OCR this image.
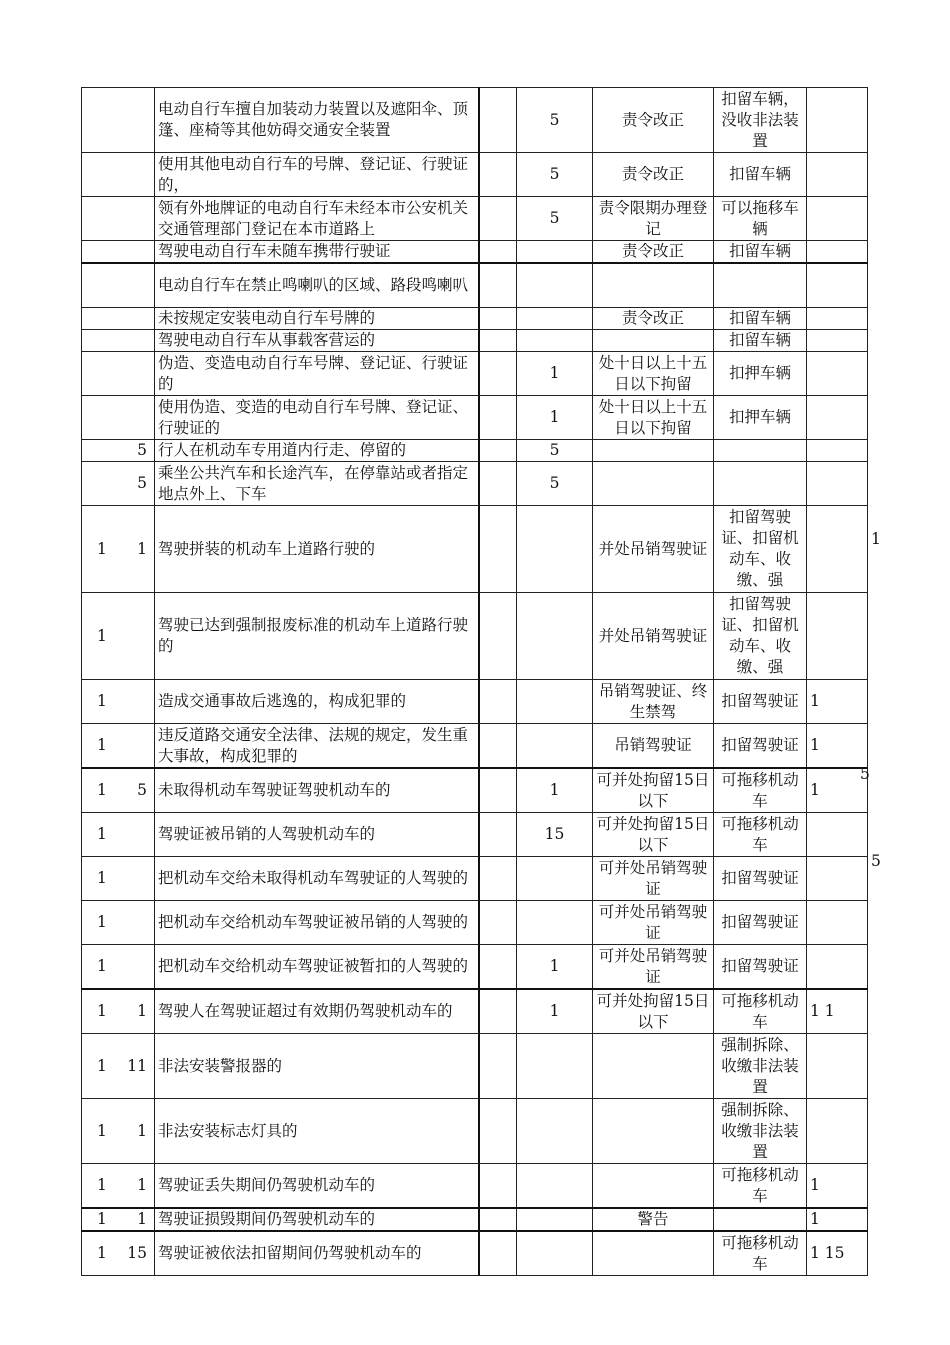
	电动自行车擅自加装动力装置以及遮阳伞、顶篷、座椅等其他妨碍交通安全装置		5	责令改正	扣留车辆，没收非法装置	

	使用其他电动自行车的号牌、登记证、行驶证的，		5	责令改正	扣留车辆	

	领有外地牌证的电动自行车未经本市公安机关交通管理部门登记在本市道路上		5	责令限期办理登记	可以拖移车辆	

	驾驶电动自行车未随车携带行驶证			责令改正	扣留车辆	

	电动自行车在禁止鸣喇叭的区域、路段鸣喇叭					

	未按规定安装电动自行车号牌的			责令改正	扣留车辆	

	驾驶电动自行车从事载客营运的				扣留车辆	

	伪造、变造电动自行车号牌、登记证、行驶证的		1	处十日以上十五日以下拘留	扣押车辆	

	使用伪造、变造的电动自行车号牌、登记证、行驶证的		1	处十日以上十五日以下拘留	扣押车辆	

5	行人在机动车专用道内行走、停留的		5			

5	乘坐公共汽车和长途汽车，在停靠站或者指定地点外上、下车		5			

1 1	驾驶拼装的机动车上道路行驶的			并处吊销驾驶证	扣留驾驶证、扣留机动车、收缴、强	

1	驾驶已达到强制报废标准的机动车上道路行驶的			并处吊销驾驶证	扣留驾驶证、扣留机动车、收缴、强	

1	造成交通事故后逃逸的，构成犯罪的			吊销驾驶证、终生禁驾	扣留驾驶证	1

1	违反道路交通安全法律、法规的规定，发生重大事故，构成犯罪的			吊销驾驶证	扣留驾驶证	1

1 5	未取得机动车驾驶证驾驶机动车的		1	可并处拘留15日以下	可拖移机动车	1

1	驾驶证被吊销的人驾驶机动车的		15	可并处拘留15日以下	可拖移机动车	

1	把机动车交给未取得机动车驾驶证的人驾驶的			可并处吊销驾驶证	扣留驾驶证	

1	把机动车交给机动车驾驶证被吊销的人驾驶的			可并处吊销驾驶证	扣留驾驶证	

1	把机动车交给机动车驾驶证被暂扣的人驾驶的		1	可并处吊销驾驶证	扣留驾驶证	

1 1	驾驶人在驾驶证超过有效期仍驾驶机动车的		1	可并处拘留15日以下	可拖移机动车	1 1

1 11	非法安装警报器的				强制拆除、收缴非法装置	

1 1	非法安装标志灯具的				强制拆除、收缴非法装置	

1 1	驾驶证丢失期间仍驾驶机动车的				可拖移机动车	1

1 1	驾驶证损毁期间仍驾驶机动车的			警告		1

1 15	驾驶证被依法扣留期间仍驾驶机动车的				可拖移机动车	1 15
1
5
5
